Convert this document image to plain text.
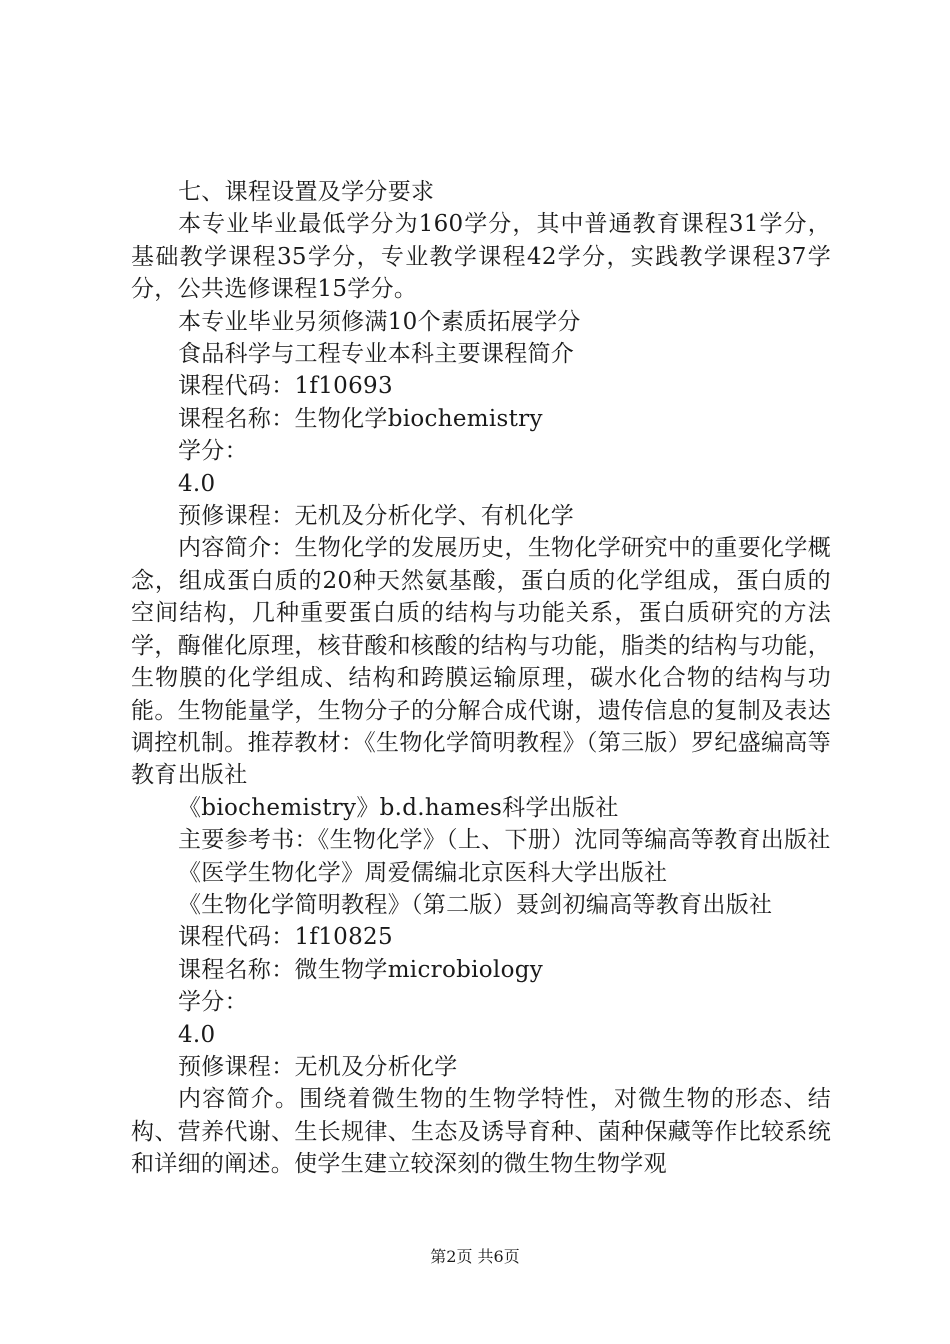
七、课程设置及学分要求

本专业毕业最低学分为160学分，其中普通教育课程31学分，基础教学课程35学分，专业教学课程42学分，实践教学课程37学分，公共选修课程15学分。

本专业毕业另须修满10个素质拓展学分

食品科学与工程专业本科主要课程简介

课程代码：1f10693

课程名称：生物化学biochemistry

学分：

4.0

预修课程：无机及分析化学、有机化学

内容简介：生物化学的发展历史，生物化学研究中的重要化学概念，组成蛋白质的20种天然氨基酸，蛋白质的化学组成，蛋白质的空间结构，几种重要蛋白质的结构与功能关系，蛋白质研究的方法学，酶催化原理，核苷酸和核酸的结构与功能，脂类的结构与功能，生物膜的化学组成、结构和跨膜运输原理，碳水化合物的结构与功能。生物能量学，生物分子的分解合成代谢，遗传信息的复制及表达调控机制。推荐教材：《生物化学简明教程》（第三版）罗纪盛编高等教育出版社

《biochemistry》b.d.hames科学出版社

主要参考书：《生物化学》（上、下册）沈同等编高等教育出版社

《医学生物化学》周爱儒编北京医科大学出版社

《生物化学简明教程》（第二版）聂剑初编高等教育出版社

课程代码：1f10825

课程名称：微生物学microbiology

学分：

4.0

预修课程：无机及分析化学

内容简介。围绕着微生物的生物学特性，对微生物的形态、结构、营养代谢、生长规律、生态及诱导育种、菌种保藏等作比较系统和详细的阐述。使学生建立较深刻的微生物生物学观

第2页 共6页
